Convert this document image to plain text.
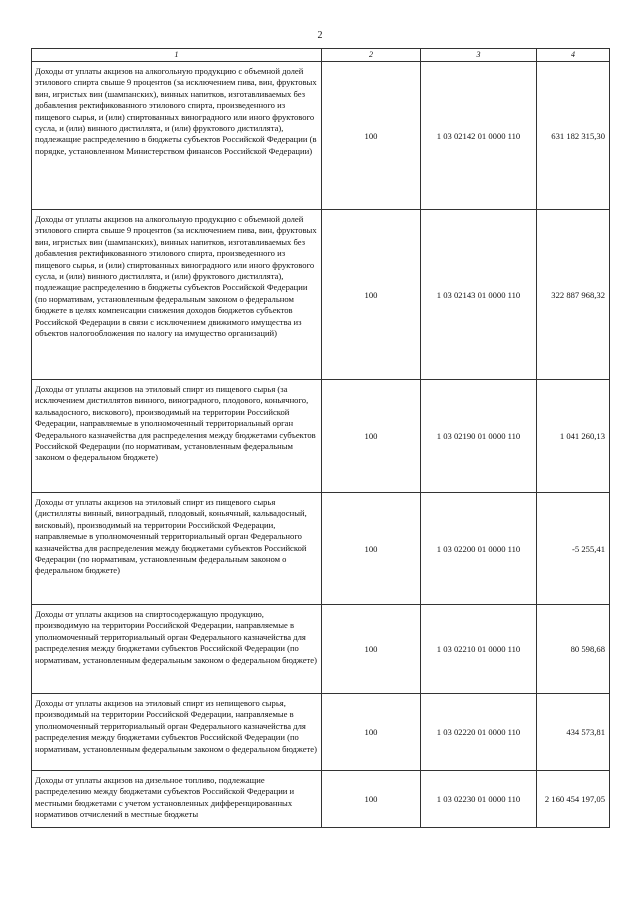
2
1	2	3	4
Доходы от уплаты акцизов на алкогольную продукцию с объемной долей этилового спирта свыше 9 процентов (за исключением пива, вин, фруктовых вин, игристых вин (шампанских), винных напитков, изготавливаемых без добавления ректификованного этилового спирта, произведенного из пищевого сырья, и (или) спиртованных виноградного или иного фруктового сусла, и (или) винного дистиллята, и (или) фруктового дистиллята), подлежащие распределению в бюджеты субъектов Российской Федерации (в порядке, установленном Министерством финансов Российской Федерации)	100	1 03 02142 01 0000 110	631 182 315,30
Доходы от уплаты акцизов на алкогольную продукцию с объемной долей этилового спирта свыше 9 процентов (за исключением пива, вин, фруктовых вин, игристых вин (шампанских), винных напитков, изготавливаемых без добавления ректификованного этилового спирта, произведенного из пищевого сырья, и (или) спиртованных виноградного или иного фруктового сусла, и (или) винного дистиллята, и (или) фруктового дистиллята), подлежащие распределению в бюджеты субъектов Российской Федерации (по нормативам, установленным федеральным законом о федеральном бюджете в целях компенсации снижения доходов бюджетов субъектов Российской Федерации в связи с исключением движимого имущества из объектов налогообложения по налогу на имущество организаций)	100	1 03 02143 01 0000 110	322 887 968,32
Доходы от уплаты акцизов на этиловый спирт из пищевого сырья (за исключением дистиллятов винного, виноградного, плодового, коньячного, кальвадосного, вискового), производимый на территории Российской Федерации, направляемые в уполномоченный территориальный орган Федерального казначейства для распределения между бюджетами субъектов Российской Федерации (по нормативам, установленным федеральным законом о федеральном бюджете)	100	1 03 02190 01 0000 110	1 041 260,13
Доходы от уплаты акцизов на этиловый спирт из пищевого сырья (дистилляты винный, виноградный, плодовый, коньячный, кальвадосный, висковый), производимый на территории Российской Федерации, направляемые в уполномоченный территориальный орган Федерального казначейства для распределения между бюджетами субъектов Российской Федерации (по нормативам, установленным федеральным законом о федеральном бюджете)	100	1 03 02200 01 0000 110	-5 255,41
Доходы от уплаты акцизов на спиртосодержащую продукцию, производимую на территории Российской Федерации, направляемые в уполномоченный территориальный орган Федерального казначейства для распределения между бюджетами субъектов Российской Федерации (по нормативам, установленным федеральным законом о федеральном бюджете)	100	1 03 02210 01 0000 110	80 598,68
Доходы от уплаты акцизов на этиловый спирт из непищевого сырья, производимый на территории Российской Федерации, направляемые в уполномоченный территориальный орган Федерального казначейства для распределения между бюджетами субъектов Российской Федерации (по нормативам, установленным федеральным законом о федеральном бюджете)	100	1 03 02220 01 0000 110	434 573,81
Доходы от уплаты акцизов на дизельное топливо, подлежащие распределению между бюджетами субъектов Российской Федерации и местными бюджетами с учетом установленных дифференцированных нормативов отчислений в местные бюджеты	100	1 03 02230 01 0000 110	2 160 454 197,05
